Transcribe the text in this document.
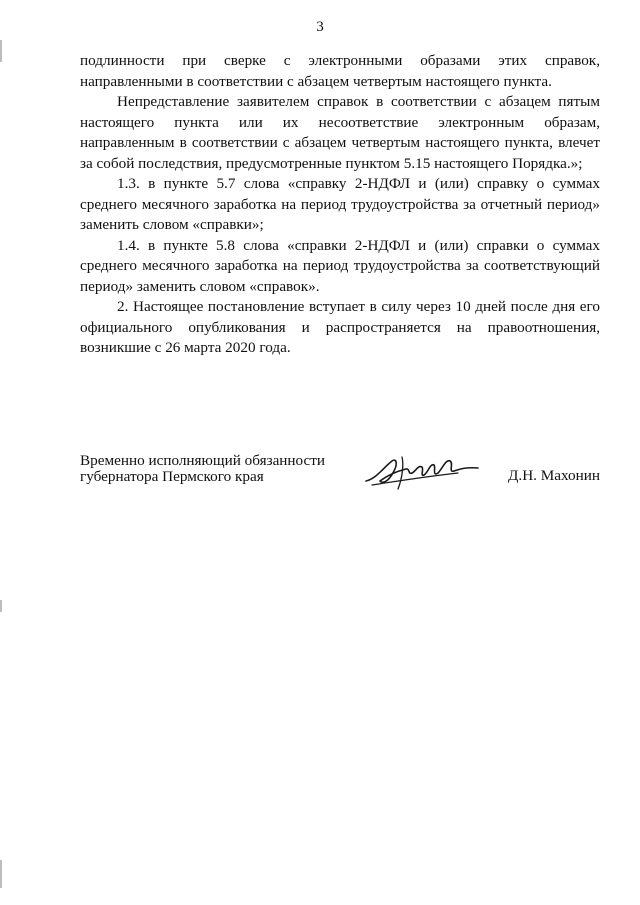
3

подлинности при сверке с электронными образами этих справок, направленными в соответствии с абзацем четвертым настоящего пункта.

Непредставление заявителем справок в соответствии с абзацем пятым настоящего пункта или их несоответствие электронным образам, направленным в соответствии с абзацем четвертым настоящего пункта, влечет за собой последствия, предусмотренные пунктом 5.15 настоящего Порядка.»;

1.3. в пункте 5.7 слова «справку 2-НДФЛ и (или) справку о суммах среднего месячного заработка на период трудоустройства за отчетный период» заменить словом «справки»;

1.4. в пункте 5.8 слова «справки 2-НДФЛ и (или) справки о суммах среднего месячного заработка на период трудоустройства за соответствующий период» заменить словом «справок».

2. Настоящее постановление вступает в силу через 10 дней после дня его официального опубликования и распространяется на правоотношения, возникшие с 26 марта 2020 года.

Временно исполняющий обязанности
губернатора Пермского края	Д.Н. Махонин
